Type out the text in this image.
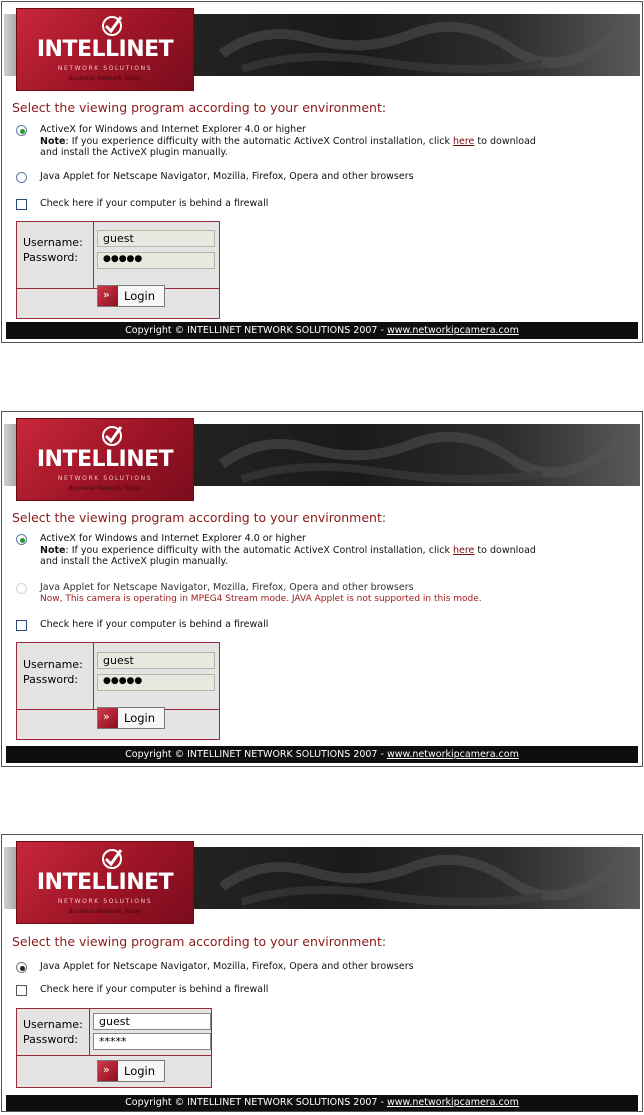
INTELLINET
NETWORK SOLUTIONS
Business Network Today
Select the viewing program according to your environment:
ActiveX for Windows and Internet Explorer 4.0 or higher
Note: If you experience difficulty with the automatic ActiveX Control installation, click here to download
and install the ActiveX plugin manually.
Java Applet for Netscape Navigator, Mozilla, Firefox, Opera and other browsers
Check here if your computer is behind a firewall
Username:
Password:
guest
●●●●●
»
Login
Copyright © INTELLINET NETWORK SOLUTIONS 2007 - www.networkipcamera.com
INTELLINET
NETWORK SOLUTIONS
Business Network Today
Select the viewing program according to your environment:
ActiveX for Windows and Internet Explorer 4.0 or higher
Note: If you experience difficulty with the automatic ActiveX Control installation, click here to download
and install the ActiveX plugin manually.
Java Applet for Netscape Navigator, Mozilla, Firefox, Opera and other browsers
Now, This camera is operating in MPEG4 Stream mode. JAVA Applet is not supported in this mode.
Check here if your computer is behind a firewall
Username:
Password:
guest
●●●●●
»
Login
Copyright © INTELLINET NETWORK SOLUTIONS 2007 - www.networkipcamera.com
INTELLINET
NETWORK SOLUTIONS
Business Network Today
Select the viewing program according to your environment:
Java Applet for Netscape Navigator, Mozilla, Firefox, Opera and other browsers
Check here if your computer is behind a firewall
Username:
Password:
guest
*****
»
Login
Copyright © INTELLINET NETWORK SOLUTIONS 2007 - www.networkipcamera.com
